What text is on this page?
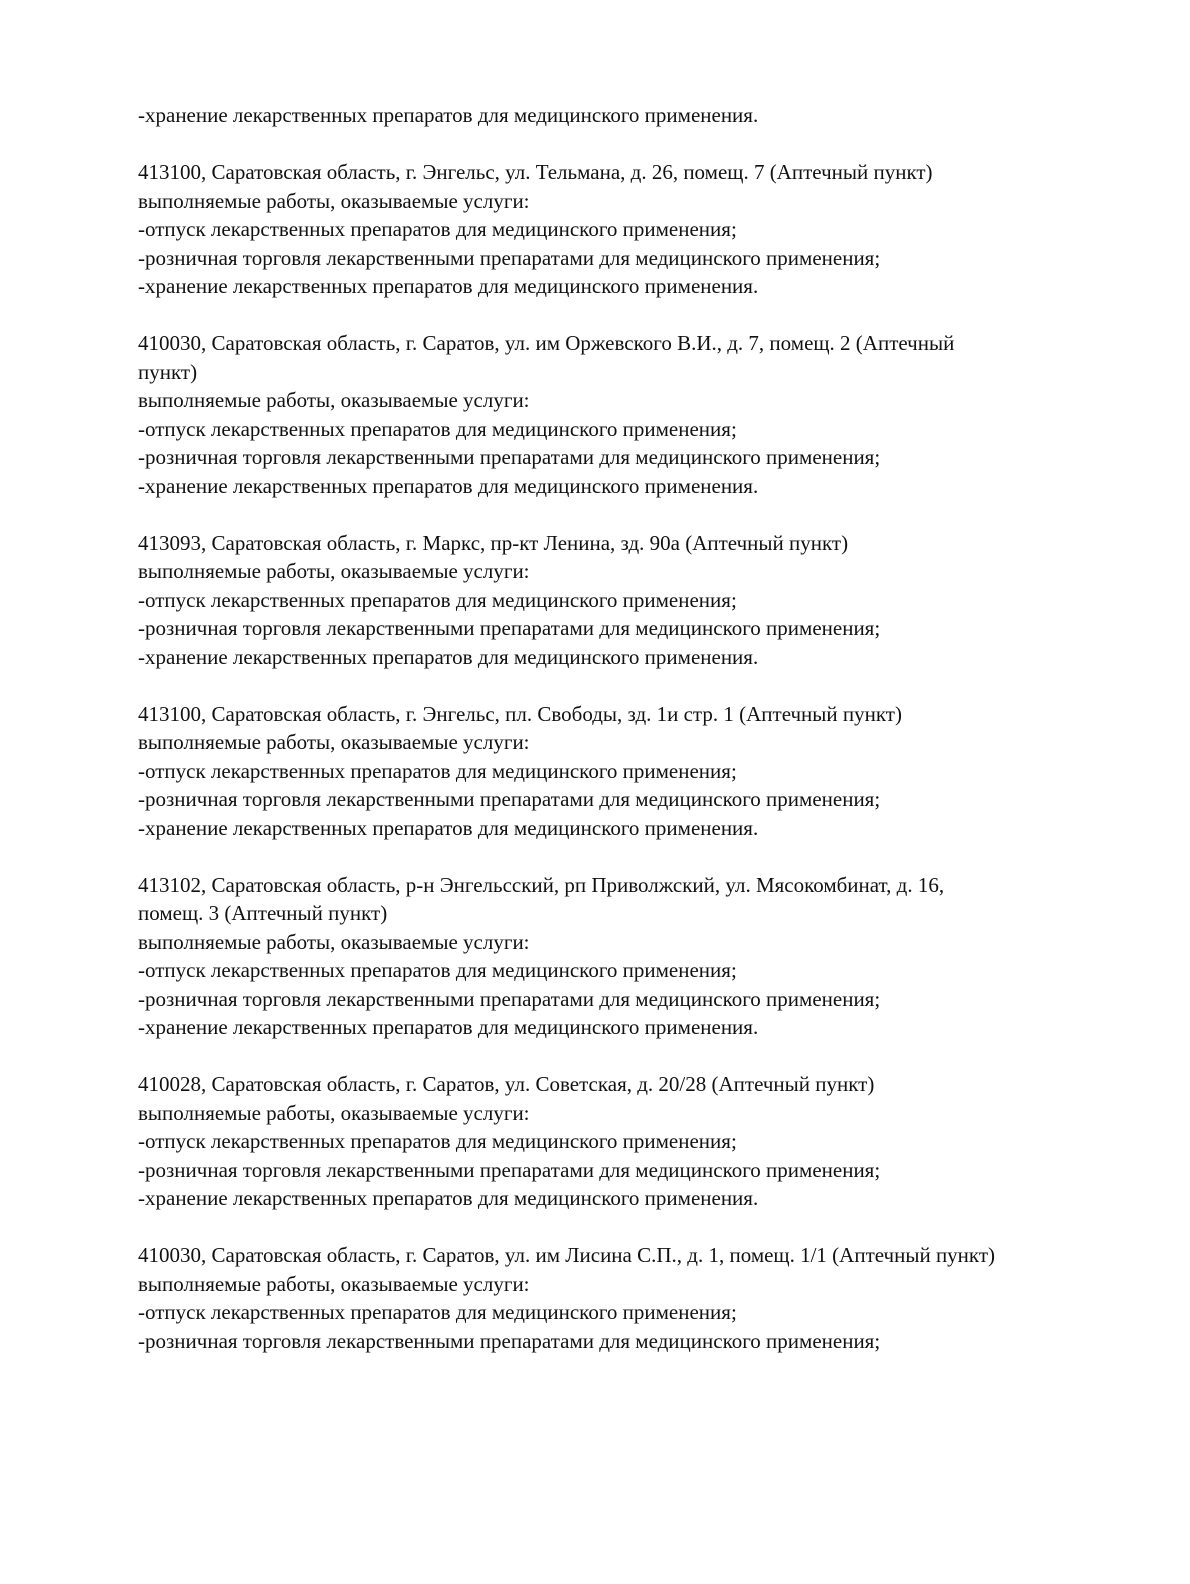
-хранение лекарственных препаратов для медицинского применения.
413100, Саратовская область, г. Энгельс, ул. Тельмана, д. 26, помещ. 7 (Аптечный пункт)
выполняемые работы, оказываемые услуги:
-отпуск лекарственных препаратов для медицинского применения;
-розничная торговля лекарственными препаратами для медицинского применения;
-хранение лекарственных препаратов для медицинского применения.
410030, Саратовская область, г. Саратов, ул. им Оржевского В.И., д. 7, помещ. 2 (Аптечный
пункт)
выполняемые работы, оказываемые услуги:
-отпуск лекарственных препаратов для медицинского применения;
-розничная торговля лекарственными препаратами для медицинского применения;
-хранение лекарственных препаратов для медицинского применения.
413093, Саратовская область, г. Маркс, пр-кт Ленина, зд. 90а (Аптечный пункт)
выполняемые работы, оказываемые услуги:
-отпуск лекарственных препаратов для медицинского применения;
-розничная торговля лекарственными препаратами для медицинского применения;
-хранение лекарственных препаратов для медицинского применения.
413100, Саратовская область, г. Энгельс, пл. Свободы, зд. 1и стр. 1 (Аптечный пункт)
выполняемые работы, оказываемые услуги:
-отпуск лекарственных препаратов для медицинского применения;
-розничная торговля лекарственными препаратами для медицинского применения;
-хранение лекарственных препаратов для медицинского применения.
413102, Саратовская область, р-н Энгельсский, рп Приволжский, ул. Мясокомбинат, д. 16,
помещ. 3 (Аптечный пункт)
выполняемые работы, оказываемые услуги:
-отпуск лекарственных препаратов для медицинского применения;
-розничная торговля лекарственными препаратами для медицинского применения;
-хранение лекарственных препаратов для медицинского применения.
410028, Саратовская область, г. Саратов, ул. Советская, д. 20/28 (Аптечный пункт)
выполняемые работы, оказываемые услуги:
-отпуск лекарственных препаратов для медицинского применения;
-розничная торговля лекарственными препаратами для медицинского применения;
-хранение лекарственных препаратов для медицинского применения.
410030, Саратовская область, г. Саратов, ул. им Лисина С.П., д. 1, помещ. 1/1 (Аптечный пункт)
выполняемые работы, оказываемые услуги:
-отпуск лекарственных препаратов для медицинского применения;
-розничная торговля лекарственными препаратами для медицинского применения;
